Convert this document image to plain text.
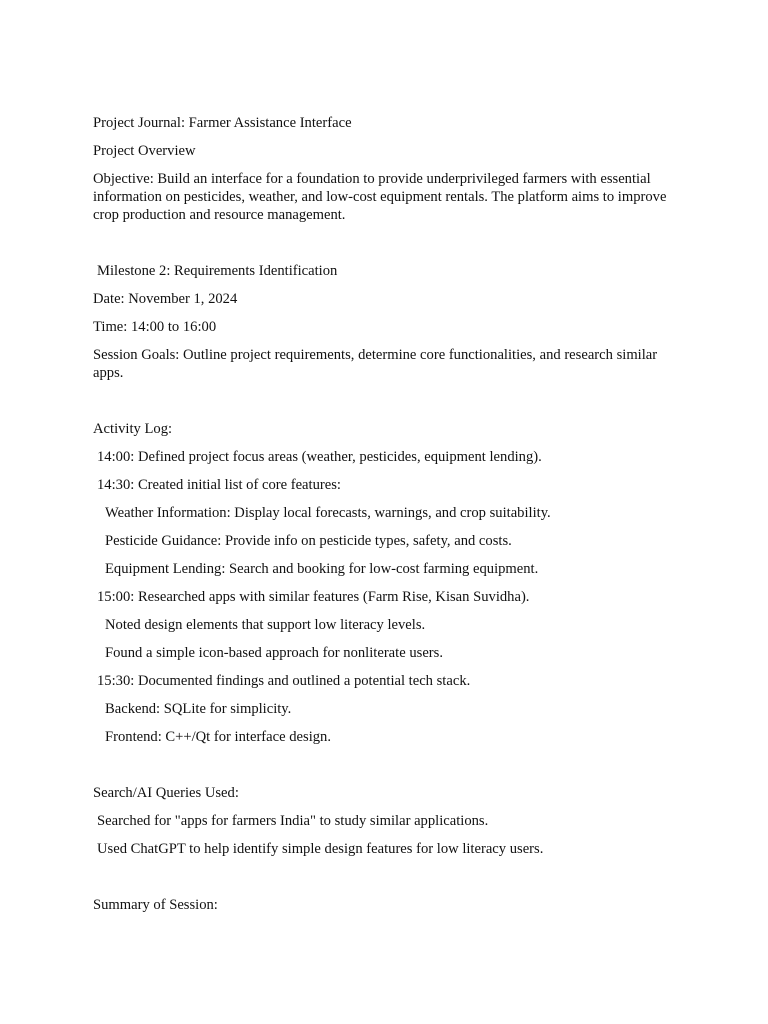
Project Journal: Farmer Assistance Interface
Project Overview
Objective: Build an interface for a foundation to provide underprivileged farmers with essential information on pesticides, weather, and low-cost equipment rentals. The platform aims to improve crop production and resource management.
Milestone 2: Requirements Identification
Date: November 1, 2024
Time: 14:00 to 16:00
Session Goals: Outline project requirements, determine core functionalities, and research similar apps.
Activity Log:
14:00: Defined project focus areas (weather, pesticides, equipment lending).
14:30: Created initial list of core features:
Weather Information: Display local forecasts, warnings, and crop suitability.
Pesticide Guidance: Provide info on pesticide types, safety, and costs.
Equipment Lending: Search and booking for low-cost farming equipment.
15:00: Researched apps with similar features (Farm Rise, Kisan Suvidha).
Noted design elements that support low literacy levels.
Found a simple icon-based approach for nonliterate users.
15:30: Documented findings and outlined a potential tech stack.
Backend: SQLite for simplicity.
Frontend: C++/Qt for interface design.
Search/AI Queries Used:
Searched for "apps for farmers India" to study similar applications.
Used ChatGPT to help identify simple design features for low literacy users.
Summary of Session:
